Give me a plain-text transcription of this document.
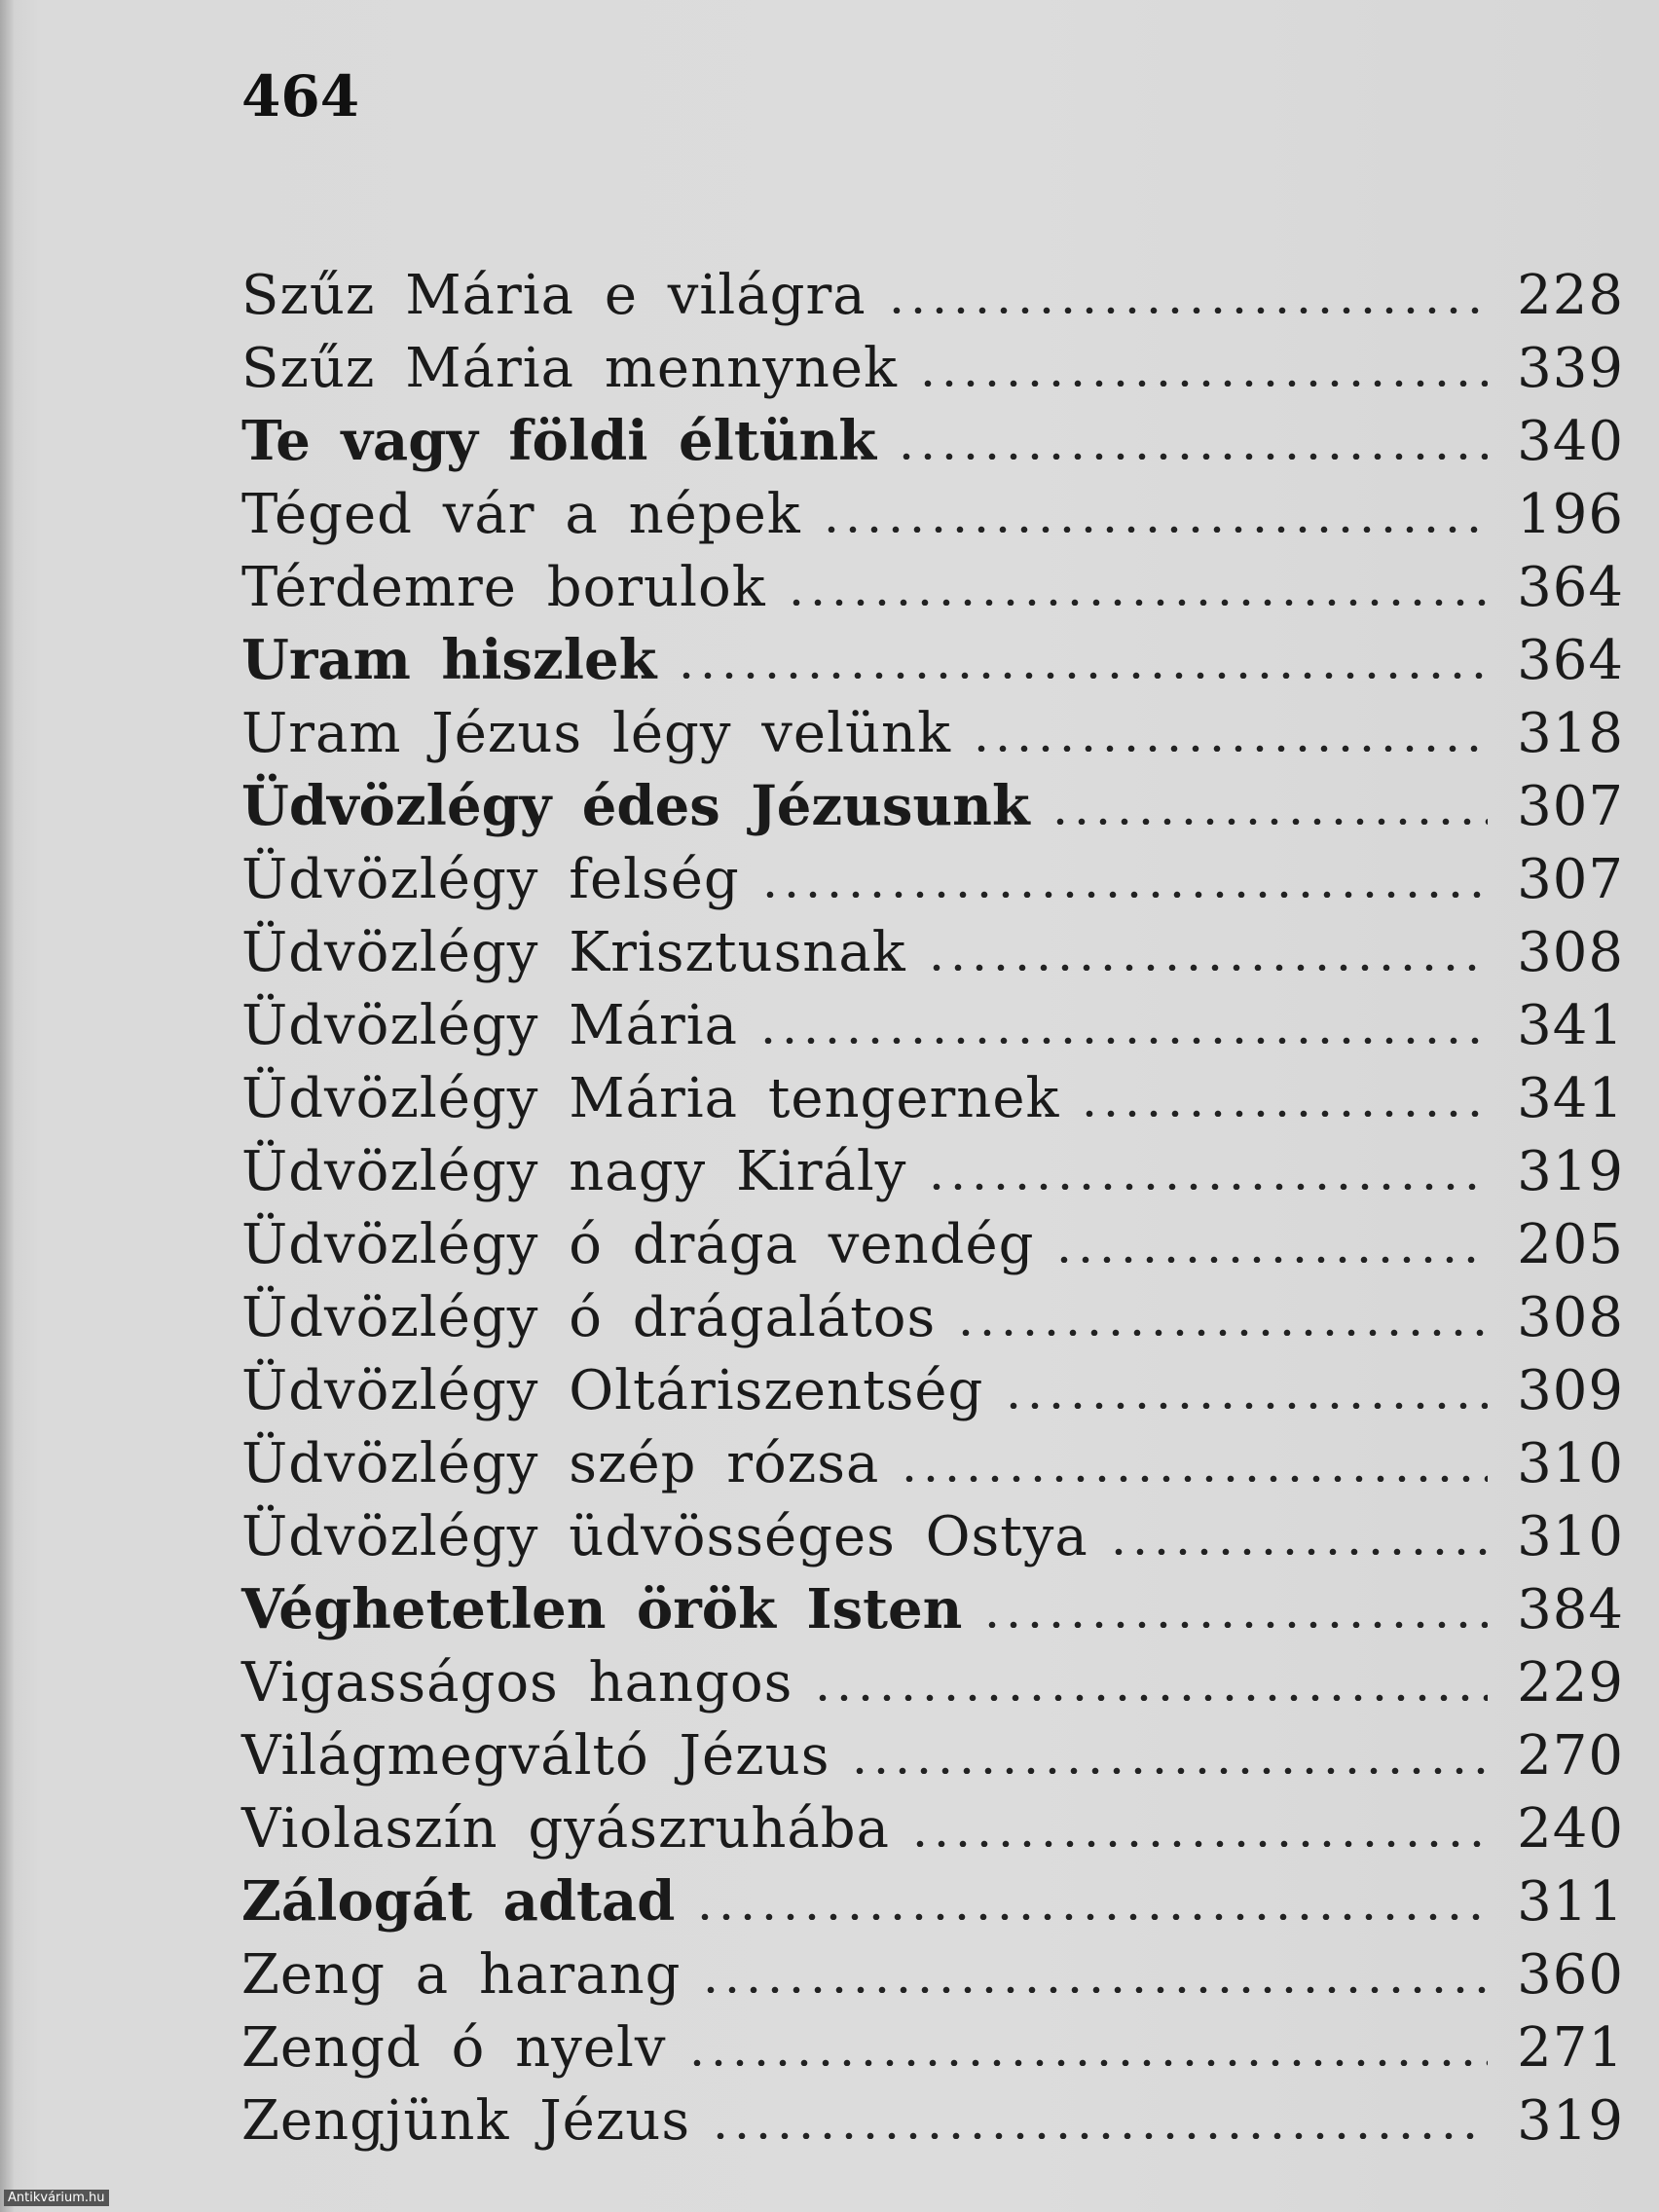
464
Szűz Mária e világra	228
Szűz Mária mennynek	339
Te vagy földi éltünk	340
Téged vár a népek	196
Térdemre borulok	364
Uram hiszlek	364
Uram Jézus légy velünk	318
Üdvözlégy édes Jézusunk	307
Üdvözlégy felség	307
Üdvözlégy Krisztusnak	308
Üdvözlégy Mária	341
Üdvözlégy Mária tengernek	341
Üdvözlégy nagy Király	319
Üdvözlégy ó drága vendég	205
Üdvözlégy ó drágalátos	308
Üdvözlégy Oltáriszentség	309
Üdvözlégy szép rózsa	310
Üdvözlégy üdvösséges Ostya	310
Véghetetlen örök Isten	384
Vigasságos hangos	229
Világmegváltó Jézus	270
Violaszín gyászruhába	240
Zálogát adtad	311
Zeng a harang	360
Zengd ó nyelv	271
Zengjünk Jézus	319
Antikvárium.hu
